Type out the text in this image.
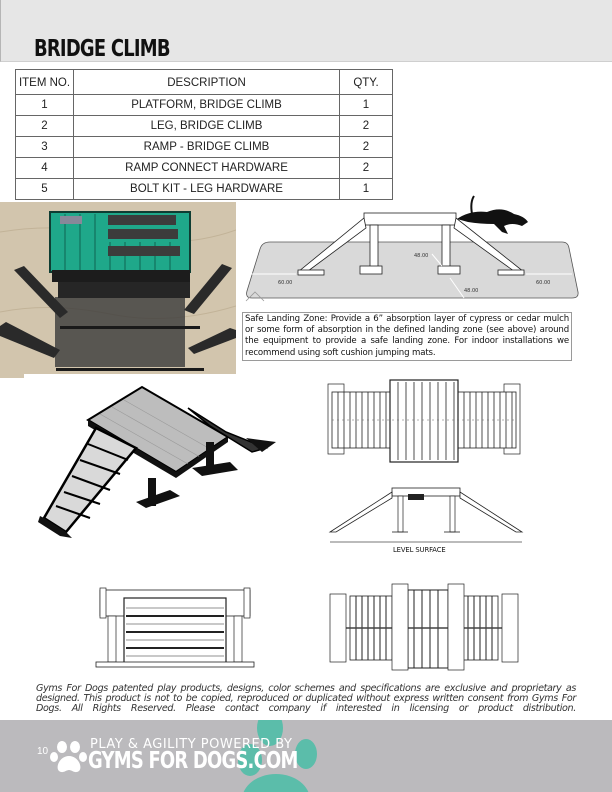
BRIDGE CLIMB
ITEM NO.	DESCRIPTION	QTY.
1	PLATFORM, BRIDGE CLIMB	1
2	LEG, BRIDGE CLIMB	2
3	RAMP - BRIDGE CLIMB	2
4	RAMP CONNECT HARDWARE	2
5	BOLT KIT - LEG HARDWARE	1
60.00
48.00
48.00
60.00
Safe Landing Zone: Provide a 6” absorption layer of cypress or cedar mulch or some form of absorption in the defined landing zone (see above) around the equipment to provide a safe landing zone. For indoor installations we recommend using soft cushion jumping mats.
LEVEL SURFACE
Gyms For Dogs patented play products, designs, color schemes and specifications are exclusive and proprietary as designed. This product is not to be copied, reproduced or duplicated without express written consent from Gyms For Dogs. All Rights Reserved. Please contact company if interested in licensing or product distribution.
10	PLAY & AGILITY POWERED BY
GYMS FOR DOGS.COM
